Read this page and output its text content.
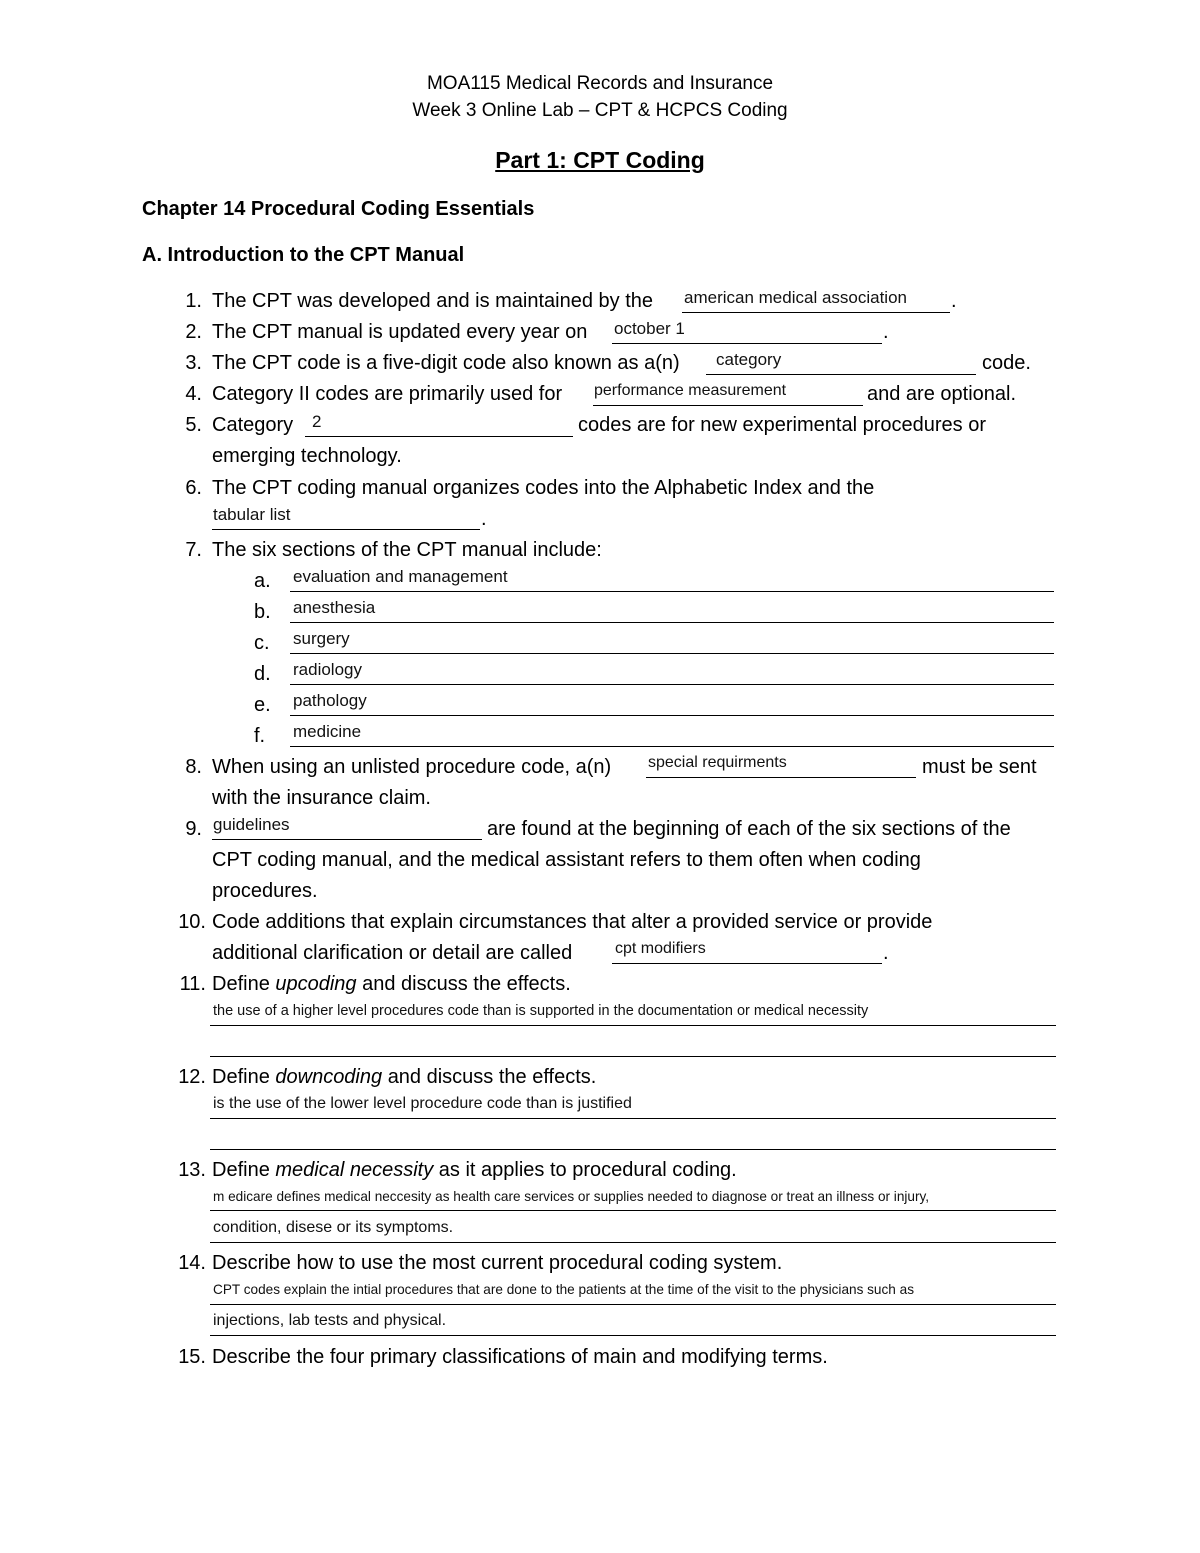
MOA115 Medical Records and Insurance
Week 3 Online Lab – CPT & HCPCS Coding
Part 1: CPT Coding
Chapter 14 Procedural Coding Essentials
A. Introduction to the CPT Manual
1. The CPT was developed and is maintained by the american medical association .
2. The CPT manual is updated every year on october 1	.
3. The CPT code is a five-digit code also known as a(n) category	code.
4. Category II codes are primarily used for performance measurement	and are optional.
5. Category 2	codes are for new experimental procedures or
emerging technology.
6. The CPT coding manual organizes codes into the Alphabetic Index and the
tabular list	.
7. The six sections of the CPT manual include:
a. evaluation and management
b. anesthesia
c. surgery
d. radiology
e. pathology
f.	medicine
8. When using an unlisted procedure code, a(n) special requirments	must be sent
with the insurance claim.
9. guidelines	are found at the beginning of each of the six sections of the
CPT coding manual, and the medical assistant refers to them often when coding
procedures.
10. Code additions that explain circumstances that alter a provided service or provide
additional clarification or detail are called	cpt modifiers	.
11. Define upcoding and discuss the effects.
the use of a higher level procedures code than is supported in the documentation or medical necessity
12. Define downcoding and discuss the effects.
is the use of the lower level procedure code than is justified
13. Define medical necessity as it applies to procedural coding.
m edicare defines medical neccesity as health care services or supplies needed to diagnose or treat an illness or injury,
condition, disese or its symptoms.
14. Describe how to use the most current procedural coding system.
CPT codes explain the intial procedures that are done to the patients at the time of the visit to the physicians such as
injections, lab tests and physical.
15. Describe the four primary classifications of main and modifying terms.
